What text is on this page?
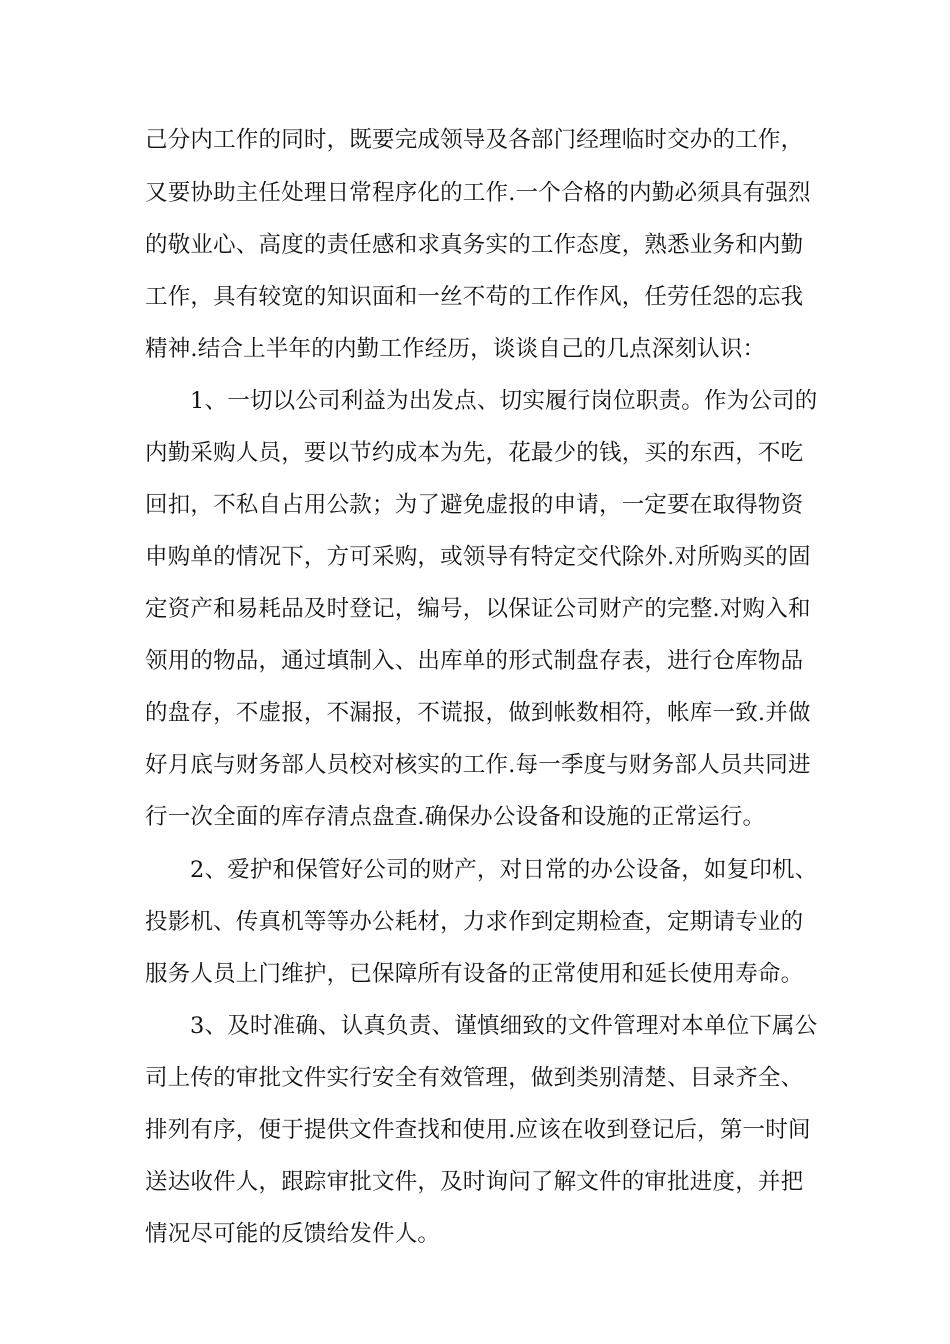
己分内工作的同时，既要完成领导及各部门经理临时交办的工作，
又要协助主任处理日常程序化的工作.一个合格的内勤必须具有强烈
的敬业心、高度的责任感和求真务实的工作态度，熟悉业务和内勤
工作，具有较宽的知识面和一丝不苟的工作作风，任劳任怨的忘我
精神.结合上半年的内勤工作经历，谈谈自己的几点深刻认识：
1、一切以公司利益为出发点、切实履行岗位职责。作为公司的
内勤采购人员，要以节约成本为先，花最少的钱，买的东西，不吃
回扣，不私自占用公款；为了避免虚报的申请，一定要在取得物资
申购单的情况下，方可采购，或领导有特定交代除外.对所购买的固
定资产和易耗品及时登记，编号，以保证公司财产的完整.对购入和
领用的物品，通过填制入、出库单的形式制盘存表，进行仓库物品
的盘存，不虚报，不漏报，不谎报，做到帐数相符，帐库一致.并做
好月底与财务部人员校对核实的工作.每一季度与财务部人员共同进
行一次全面的库存清点盘查.确保办公设备和设施的正常运行。
2、爱护和保管好公司的财产，对日常的办公设备，如复印机、
投影机、传真机等等办公耗材，力求作到定期检查，定期请专业的
服务人员上门维护，已保障所有设备的正常使用和延长使用寿命。
3、及时准确、认真负责、谨慎细致的文件管理对本单位下属公
司上传的审批文件实行安全有效管理，做到类别清楚、目录齐全、
排列有序，便于提供文件查找和使用.应该在收到登记后，第一时间
送达收件人，跟踪审批文件，及时询问了解文件的审批进度，并把
情况尽可能的反馈给发件人。
